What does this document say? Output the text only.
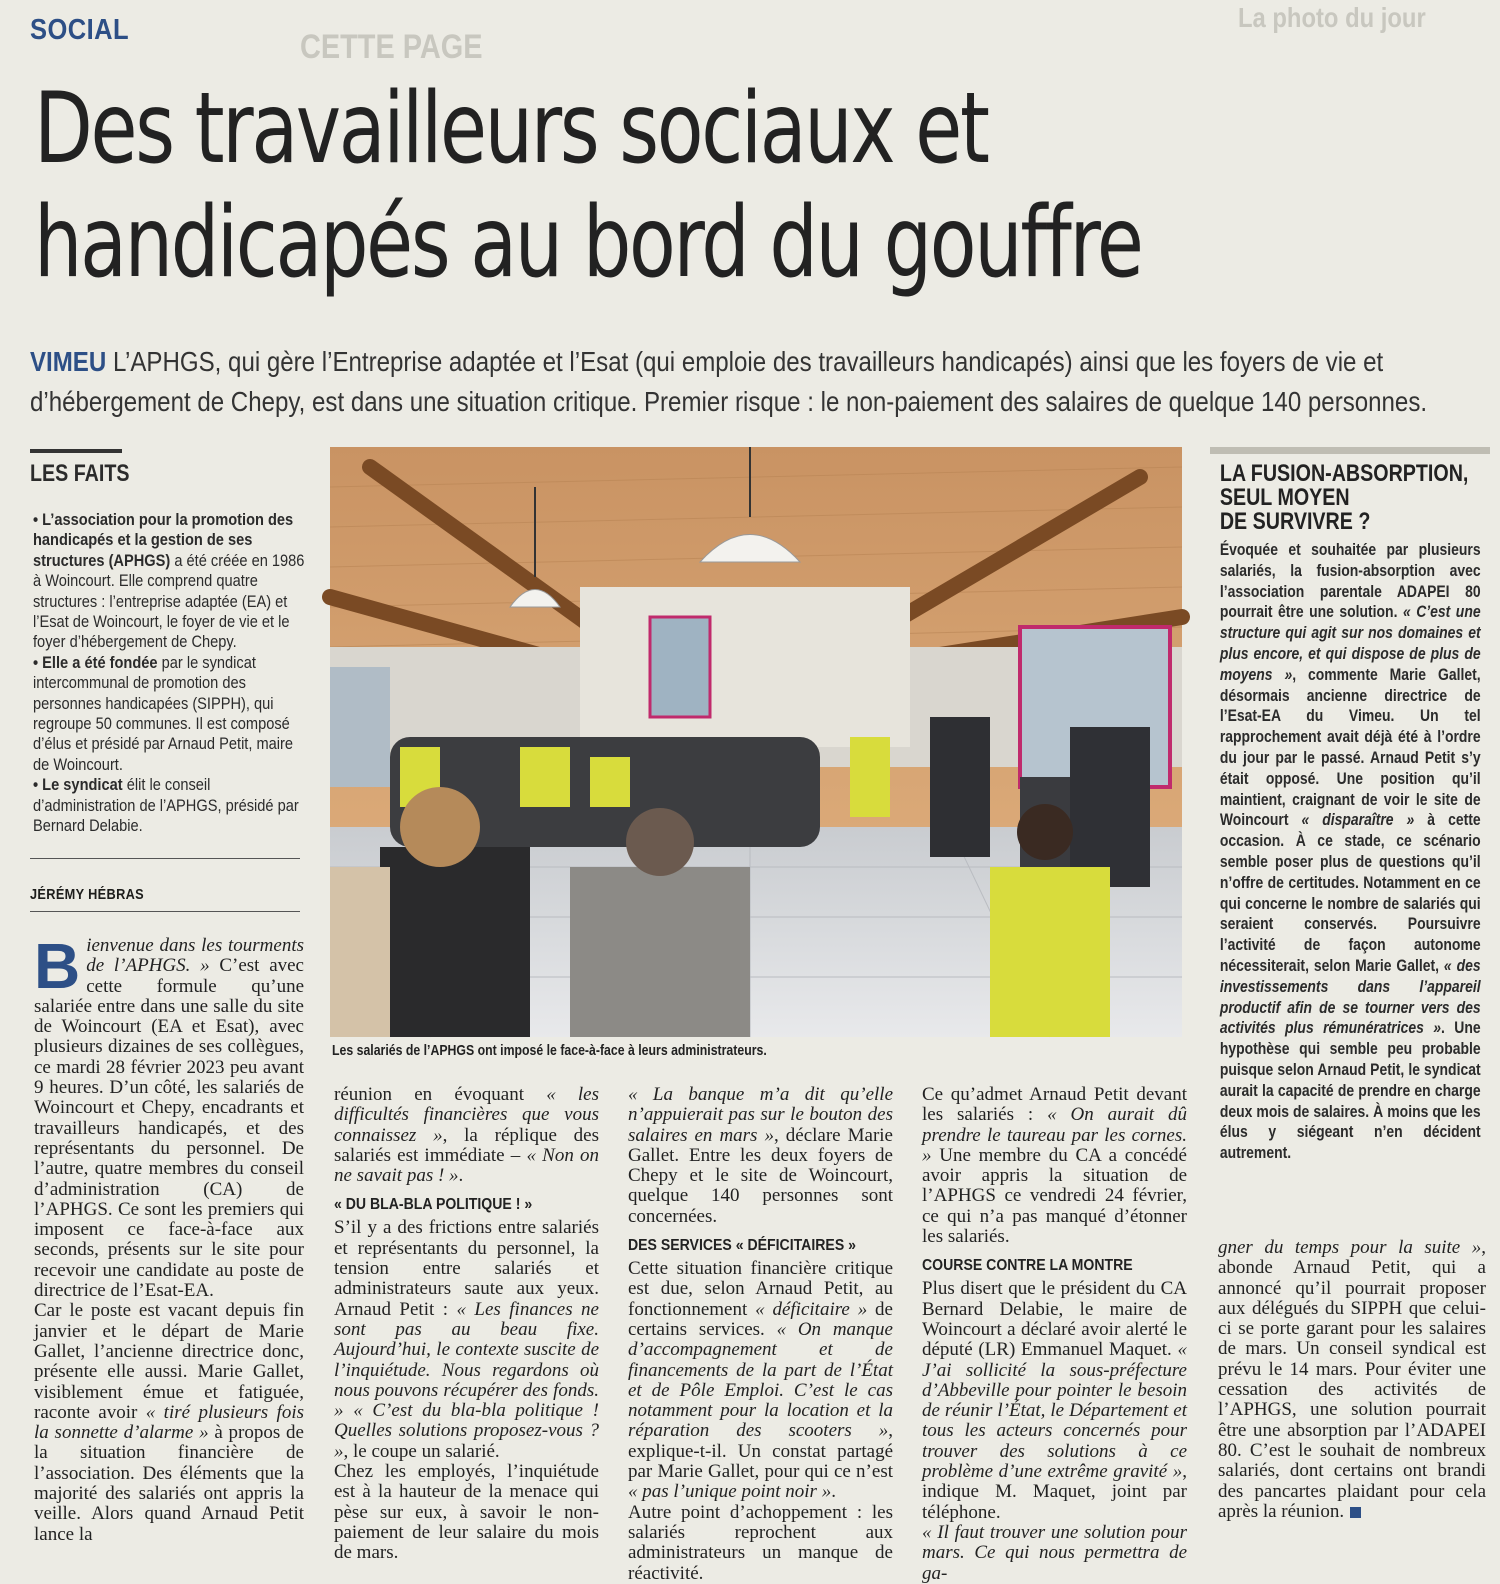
CETTE PAGE
La photo du jour
SOCIAL
Des travailleurs sociaux et
handicapés au bord du gouffre
VIMEU L’APHGS, qui gère l’Entreprise adaptée et l’Esat (qui emploie des travailleurs handicapés) ainsi que les foyers de vie et
d’hébergement de Chepy, est dans une situation critique. Premier risque : le non-paiement des salaires de quelque 140 personnes.
LES FAITS

• L’association pour la promotion des handicapés et la gestion de ses structures (APHGS) a été créée en 1986 à Woincourt. Elle comprend quatre structures : l’entreprise adaptée (EA) et l’Esat de Woincourt, le foyer de vie et le foyer d’hébergement de Chepy.

• Elle a été fondée par le syndicat intercommunal de promotion des personnes handicapées (SIPPH), qui regroupe 50 communes. Il est composé d’élus et présidé par Arnaud Petit, maire de Woincourt.

• Le syndicat élit le conseil d’administration de l’APHGS, présidé par Bernard Delabie.

JÉRÉMY HÉBRAS

Bienvenue dans les tourments de l’APHGS. » C’est avec cette formule qu’une salariée entre dans une salle du site de Woincourt (EA et Esat), avec plusieurs dizaines de ses collègues, ce mardi 28 février 2023 peu avant 9 heures. D’un côté, les salariés de Woincourt et Chepy, encadrants et travailleurs handicapés, et des représentants du personnel. De l’autre, quatre membres du conseil d’administration (CA) de l’APHGS. Ce sont les premiers qui imposent ce face-à-face aux seconds, présents sur le site pour recevoir une candidate au poste de directrice de l’Esat-EA.

Car le poste est vacant depuis fin janvier et le départ de Marie Gallet, l’ancienne directrice donc, présente elle aussi. Marie Gallet, visiblement émue et fatiguée, raconte avoir « tiré plusieurs fois la sonnette d’alarme » à propos de la situation financière de l’association. Des éléments que la majorité des salariés ont appris la veille. Alors quand Arnaud Petit lance la

Les salariés de l’APHGS ont imposé le face-à-face à leurs administrateurs.

réunion en évoquant « les difficultés financières que vous connaissez », la réplique des salariés est immédiate – « Non on ne savait pas ! ».

« DU BLA-BLA POLITIQUE ! »

S’il y a des frictions entre salariés et représentants du personnel, la tension entre salariés et administrateurs saute aux yeux. Arnaud Petit : « Les finances ne sont pas au beau fixe. Aujourd’hui, le contexte suscite de l’inquiétude. Nous regardons où nous pouvons récupérer des fonds. » « C’est du bla-bla politique ! Quelles solutions proposez-vous ? », le coupe un salarié.

Chez les employés, l’inquiétude est à la hauteur de la menace qui pèse sur eux, à savoir le non-paiement de leur salaire du mois de mars.

« La banque m’a dit qu’elle n’appuierait pas sur le bouton des salaires en mars », déclare Marie Gallet. Entre les deux foyers de Chepy et le site de Woincourt, quelque 140 personnes sont concernées.

DES SERVICES « DÉFICITAIRES »

Cette situation financière critique est due, selon Arnaud Petit, au fonctionnement « déficitaire » de certains services. « On manque d’accompagnement et de financements de la part de l’État et de Pôle Emploi. C’est le cas notamment pour la location et la réparation des scooters », explique-t-il. Un constat partagé par Marie Gallet, pour qui ce n’est « pas l’unique point noir ».

Autre point d’achoppement : les salariés reprochent aux administrateurs un manque de réactivité.

Ce qu’admet Arnaud Petit devant les salariés : « On aurait dû prendre le taureau par les cornes. » Une membre du CA a concédé avoir appris la situation de l’APHGS ce vendredi 24 février, ce qui n’a pas manqué d’étonner les salariés.

COURSE CONTRE LA MONTRE

Plus disert que le président du CA Bernard Delabie, le maire de Woincourt a déclaré avoir alerté le député (LR) Emmanuel Maquet. « J’ai sollicité la sous-préfecture d’Abbeville pour pointer le besoin de réunir l’État, le Département et tous les acteurs concernés pour trouver des solutions à ce problème d’une extrême gravité », indique M. Maquet, joint par téléphone.

« Il faut trouver une solution pour mars. Ce qui nous permettra de ga-

gner du temps pour la suite », abonde Arnaud Petit, qui a annoncé qu’il pourrait proposer aux délégués du SIPPH que celui-ci se porte garant pour les salaires de mars. Un conseil syndical est prévu le 14 mars. Pour éviter une cessation des activités de l’APHGS, une solution pourrait être une absorption par l’ADAPEI 80. C’est le souhait de nombreux salariés, dont certains ont brandi des pancartes plaidant pour cela après la réunion.

LA FUSION-ABSORPTION,
SEUL MOYEN
DE SURVIVRE ?
Évoquée et souhaitée par plusieurs salariés, la fusion-absorption avec l’association parentale ADAPEI 80 pourrait être une solution. « C’est une structure qui agit sur nos domaines et plus encore, et qui dispose de plus de moyens », commente Marie Gallet, désormais ancienne directrice de l’Esat-EA du Vimeu. Un tel rapprochement avait déjà été à l’ordre du jour par le passé. Arnaud Petit s’y était opposé. Une position qu’il maintient, craignant de voir le site de Woincourt « disparaître » à cette occasion. À ce stade, ce scénario semble poser plus de questions qu’il n’offre de certitudes. Notamment en ce qui concerne le nombre de salariés qui seraient conservés. Poursuivre l’activité de façon autonome nécessiterait, selon Marie Gallet, « des investissements dans l’appareil productif afin de se tourner vers des activités plus rémunératrices ». Une hypothèse qui semble peu probable puisque selon Arnaud Petit, le syndicat aurait la capacité de prendre en charge deux mois de salaires. À moins que les élus y siégeant n’en décident autrement.
